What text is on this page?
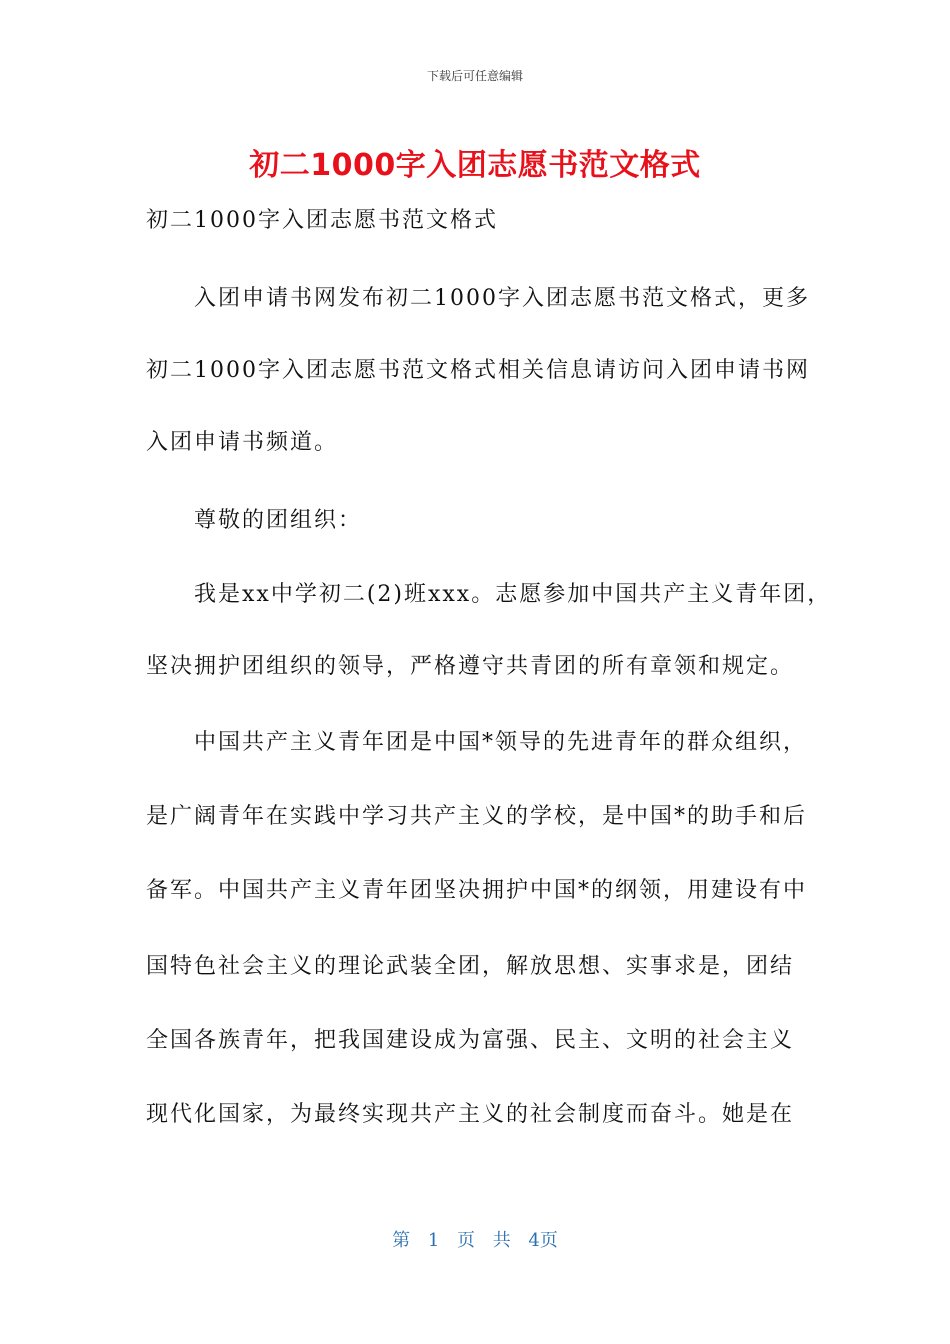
下载后可任意编辑
初二1000字入团志愿书范文格式
初二1000字入团志愿书范文格式
入团申请书网发布初二1000字入团志愿书范文格式，更多
初二1000字入团志愿书范文格式相关信息请访问入团申请书网
入团申请书频道。
尊敬的团组织：
我是xx中学初二(2)班xxx。志愿参加中国共产主义青年团，
坚决拥护团组织的领导，严格遵守共青团的所有章领和规定。
中国共产主义青年团是中国*领导的先进青年的群众组织，
是广阔青年在实践中学习共产主义的学校，是中国*的助手和后
备军。中国共产主义青年团坚决拥护中国*的纲领，用建设有中
国特色社会主义的理论武装全团，解放思想、实事求是，团结
全国各族青年，把我国建设成为富强、民主、文明的社会主义
现代化国家，为最终实现共产主义的社会制度而奋斗。她是在
第 1 页 共 4页
